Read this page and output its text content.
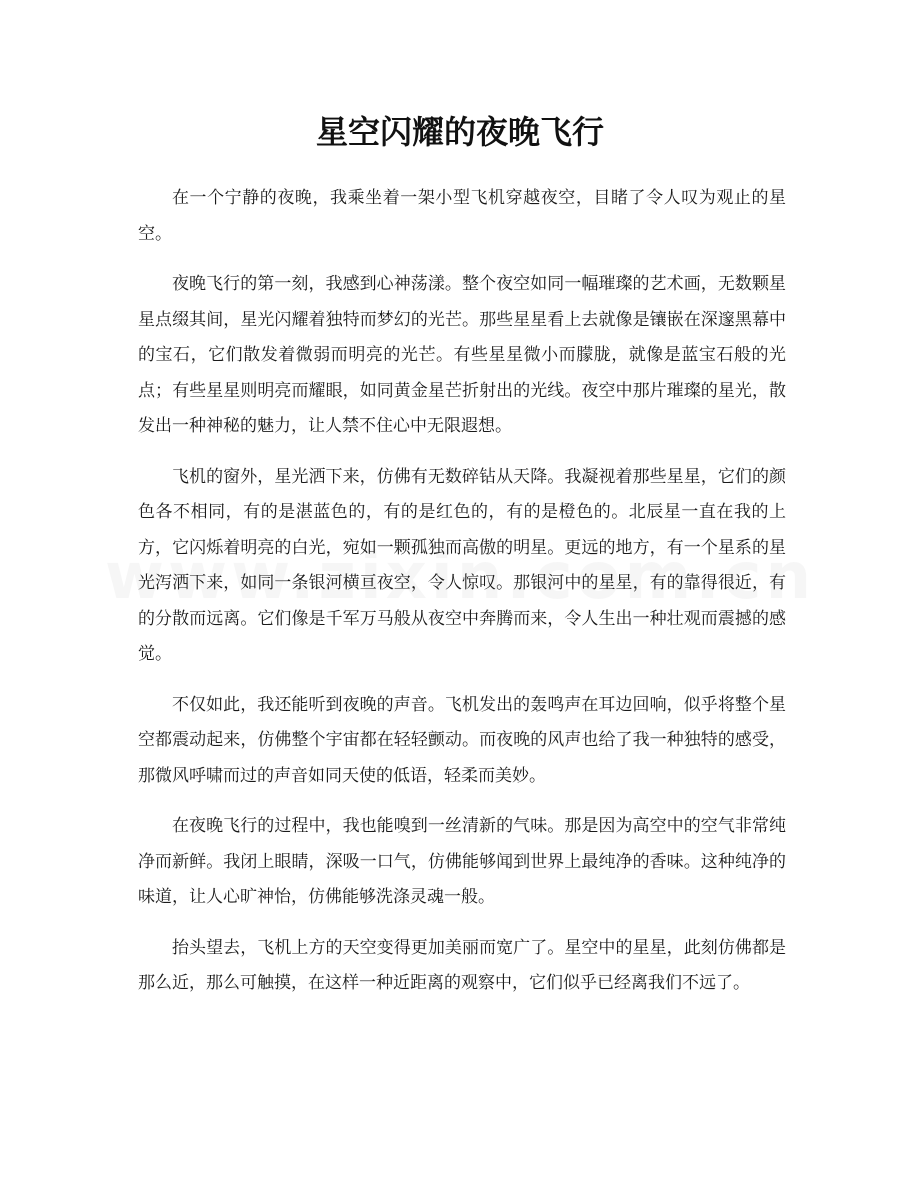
星空闪耀的夜晚飞行

在一个宁静的夜晚，我乘坐着一架小型飞机穿越夜空，目睹了令人叹为观止的星空。

夜晚飞行的第一刻，我感到心神荡漾。整个夜空如同一幅璀璨的艺术画，无数颗星星点缀其间，星光闪耀着独特而梦幻的光芒。那些星星看上去就像是镶嵌在深邃黑幕中的宝石，它们散发着微弱而明亮的光芒。有些星星微小而朦胧，就像是蓝宝石般的光点；有些星星则明亮而耀眼，如同黄金星芒折射出的光线。夜空中那片璀璨的星光，散发出一种神秘的魅力，让人禁不住心中无限遐想。

飞机的窗外，星光洒下来，仿佛有无数碎钻从天降。我凝视着那些星星，它们的颜色各不相同，有的是湛蓝色的，有的是红色的，有的是橙色的。北辰星一直在我的上方，它闪烁着明亮的白光，宛如一颗孤独而高傲的明星。更远的地方，有一个星系的星光泻洒下来，如同一条银河横亘夜空，令人惊叹。那银河中的星星，有的靠得很近，有的分散而远离。它们像是千军万马般从夜空中奔腾而来，令人生出一种壮观而震撼的感觉。

不仅如此，我还能听到夜晚的声音。飞机发出的轰鸣声在耳边回响，似乎将整个星空都震动起来，仿佛整个宇宙都在轻轻颤动。而夜晚的风声也给了我一种独特的感受，那微风呼啸而过的声音如同天使的低语，轻柔而美妙。

在夜晚飞行的过程中，我也能嗅到一丝清新的气味。那是因为高空中的空气非常纯净而新鲜。我闭上眼睛，深吸一口气，仿佛能够闻到世界上最纯净的香味。这种纯净的味道，让人心旷神怡，仿佛能够洗涤灵魂一般。

抬头望去，飞机上方的天空变得更加美丽而宽广了。星空中的星星，此刻仿佛都是那么近，那么可触摸，在这样一种近距离的观察中，它们似乎已经离我们不远了。
